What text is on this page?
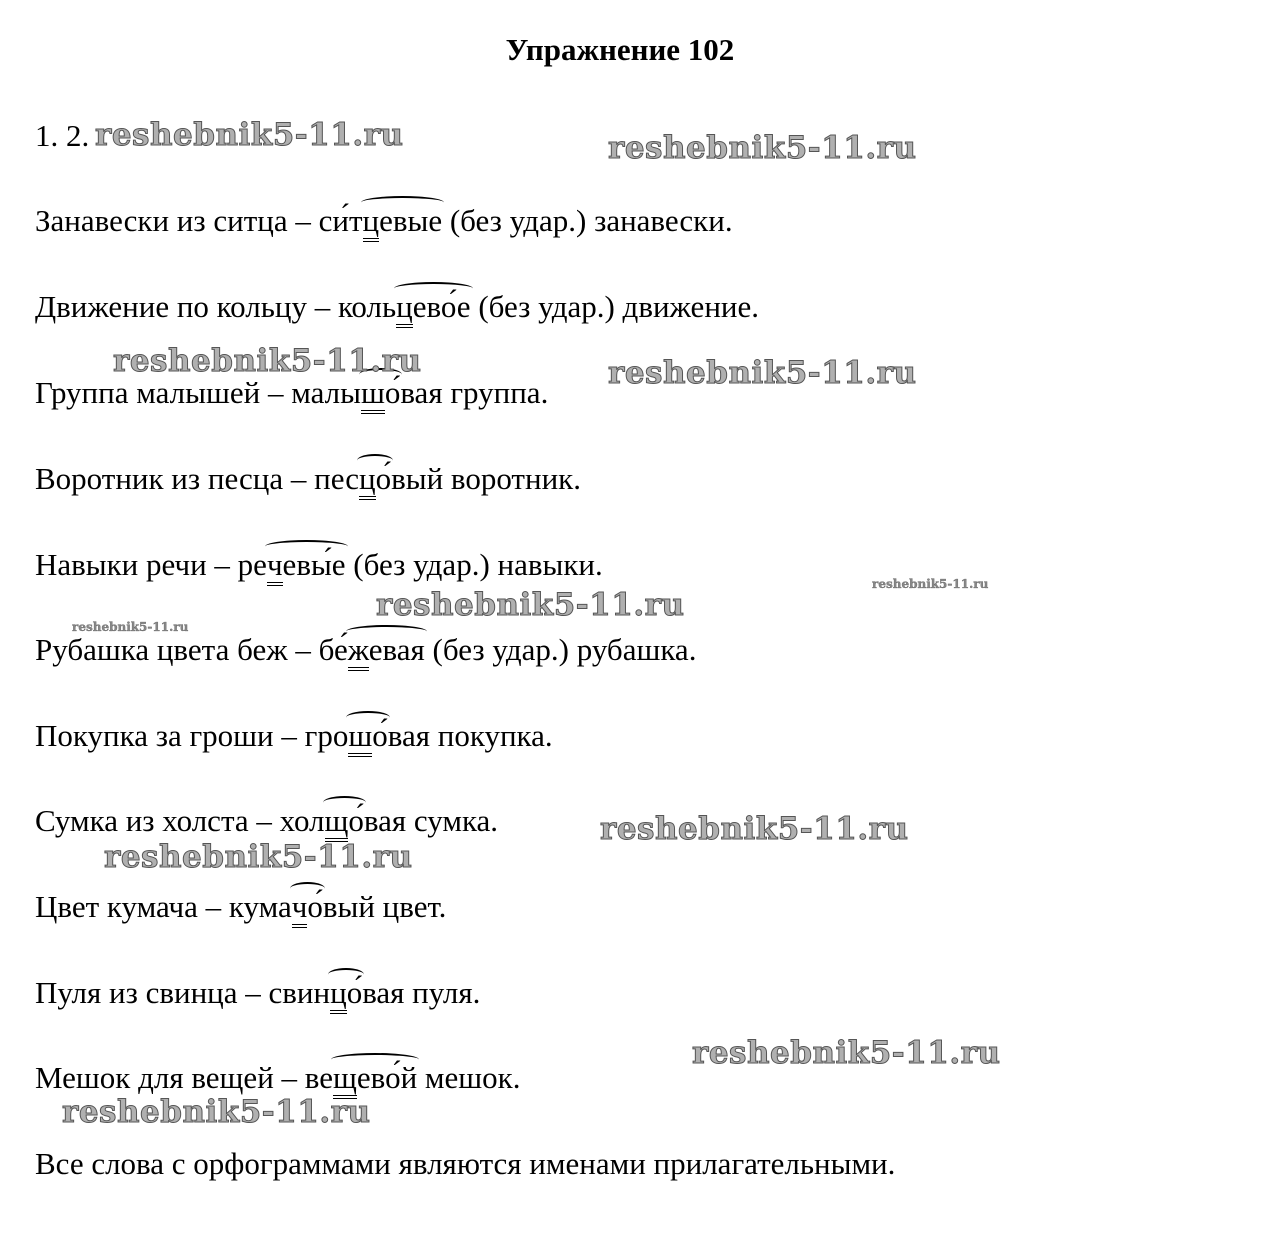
Упражнение 102
1. 2.
Занавески из ситца – си́тцевые (без удар.) занавески.
Движение по кольцу – кольцево́е (без удар.) движение.
Группа малышей – малышо́вая группа.
Воротник из песца – песцо́вый воротник.
Навыки речи – речевы́е (без удар.) навыки.
Рубашка цвета беж – бе́жевая (без удар.) рубашка.
Покупка за гроши – грошо́вая покупка.
Сумка из холста – холщо́вая сумка.
Цвет кумача – кумачо́вый цвет.
Пуля из свинца – свинцо́вая пуля.
Мешок для вещей – вещево́й мешок.
Все слова с орфограммами являются именами прилагательными.
reshebnik5-11.ru	reshebnik5-11.ru
reshebnik5-11.ru	reshebnik5-11.ru
reshebnik5-11.ru
reshebnik5-11.ru
reshebnik5-11.ru
reshebnik5-11.ru
reshebnik5-11.ru
reshebnik5-11.ru
reshebnik5-11.ru
